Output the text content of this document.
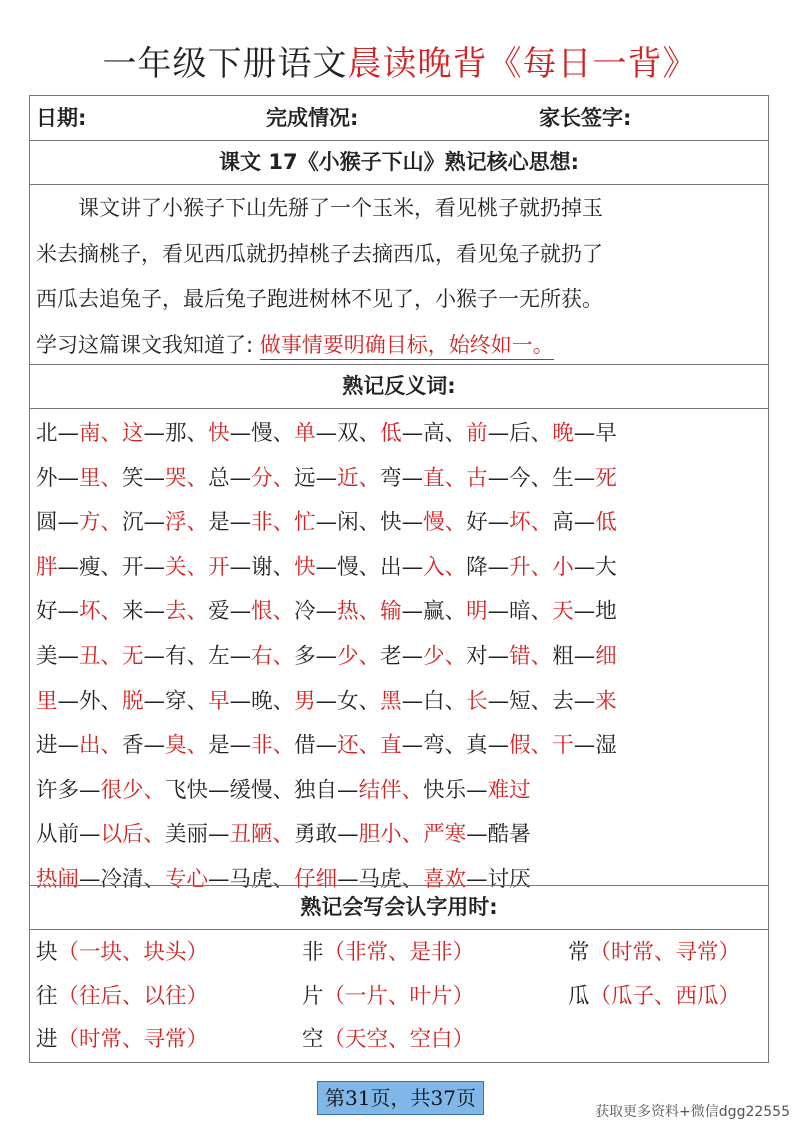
一年级下册语文晨读晚背《每日一背》
日期:	完成情况:	家长签字:
课文 17《小猴子下山》熟记核心思想:
课文讲了小猴子下山先掰了一个玉米，看见桃子就扔掉玉
米去摘桃子，看见西瓜就扔掉桃子去摘西瓜，看见兔子就扔了
西瓜去追兔子，最后兔子跑进树林不见了，小猴子一无所获。
学习这篇课文我知道了: 做事情要明确目标，始终如一。
熟记反义词:
北—南、这—那、快—慢、单—双、低—高、前—后、晚—早
外—里、笑—哭、总—分、远—近、弯—直、古—今、生—死
圆—方、沉—浮、是—非、忙—闲、快—慢、好—坏、高—低
胖—瘦、开—关、开—谢、快—慢、出—入、降—升、小—大
好—坏、来—去、爱—恨、冷—热、输—赢、明—暗、天—地
美—丑、无—有、左—右、多—少、老—少、对—错、粗—细
里—外、脱—穿、早—晚、男—女、黑—白、长—短、去—来
进—出、香—臭、是—非、借—还、直—弯、真—假、干—湿
许多—很少、飞快—缓慢、独自—结伴、快乐—难过
从前—以后、美丽—丑陋、勇敢—胆小、严寒—酷暑
热闹—冷清、专心—马虎、仔细—马虎、喜欢—讨厌
熟记会写会认字用时:
块（一块、块头）	非（非常、是非）	常（时常、寻常）
往（往后、以往）	片（一片、叶片）	瓜（瓜子、西瓜）
进（时常、寻常）	空（天空、空白）
第31页，共37页
获取更多资料+微信dgg22555
